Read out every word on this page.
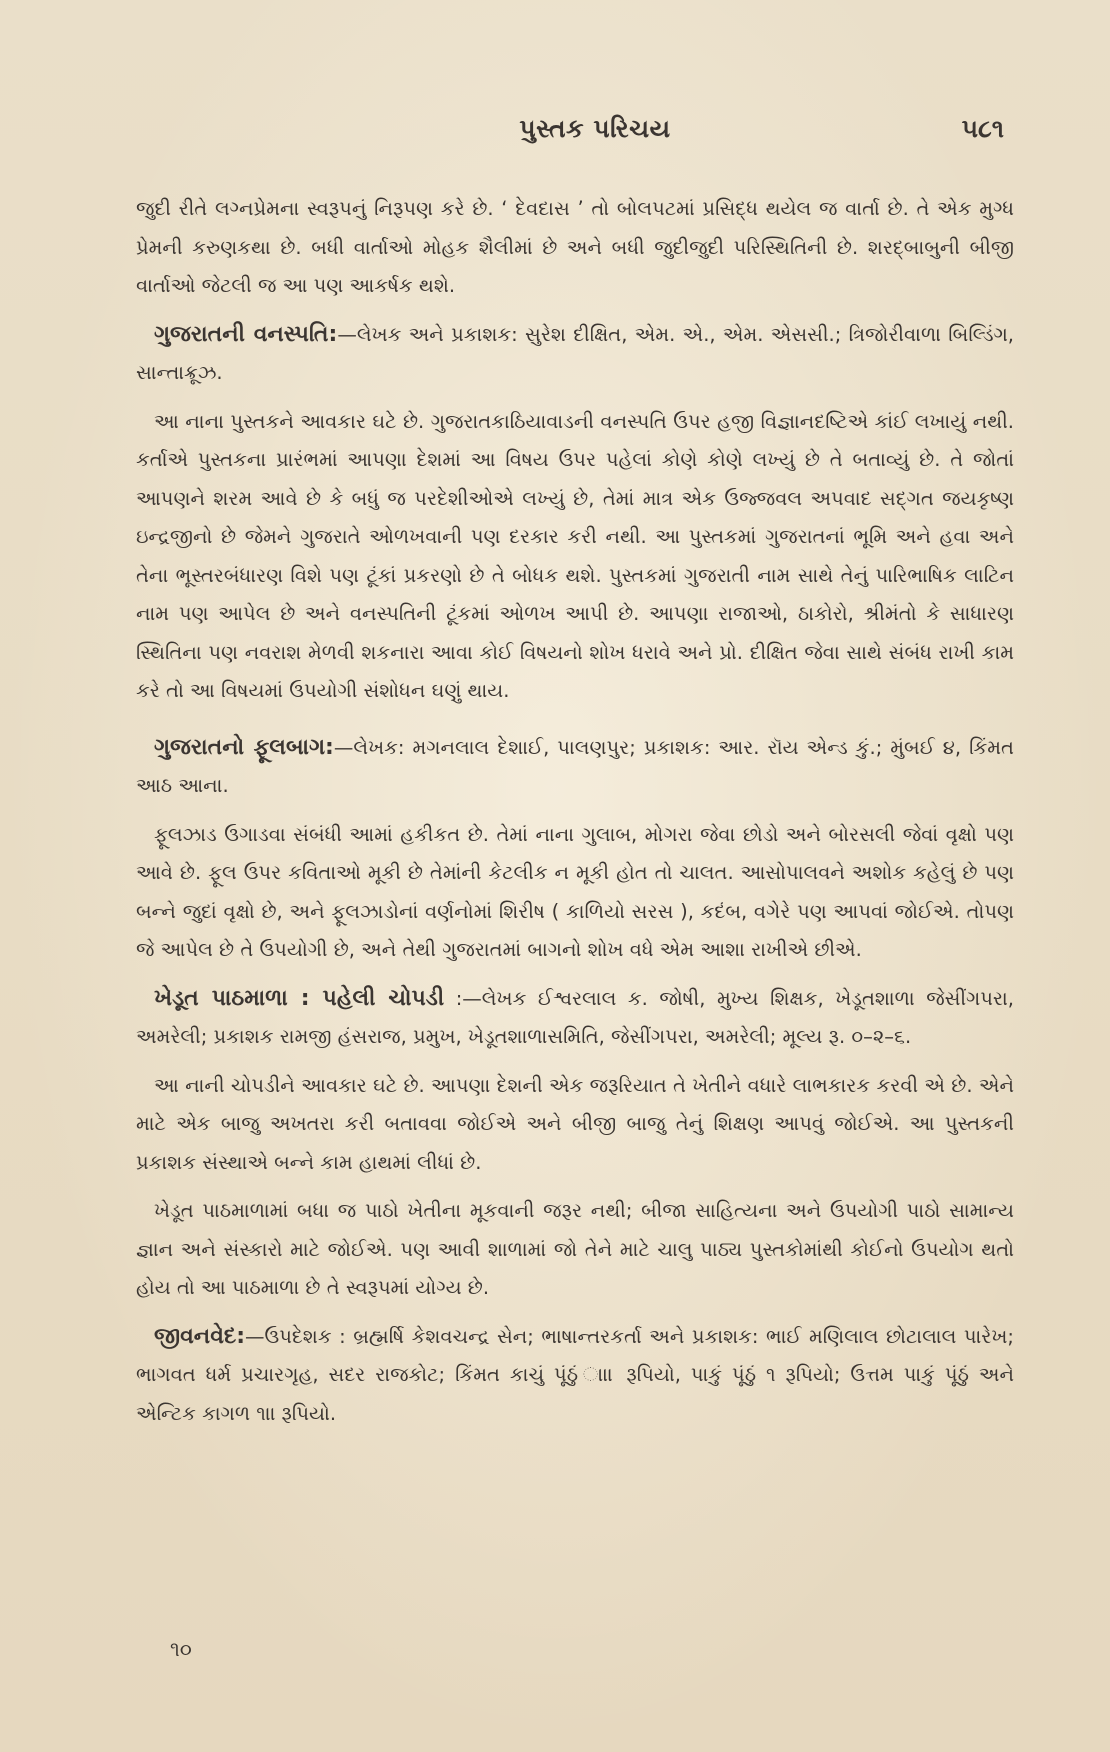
પુસ્તક પરિચય	૫૮૧

જુદી રીતે લગ્નપ્રેમના સ્વરૂપનું નિરૂપણ કરે છે. ‘ દેવદાસ ’ તો બોલપટમાં પ્રસિદ્ધ થયેલ જ વાર્તા છે. તે એક મુગ્ધ પ્રેમની કરુણકથા છે. બધી વાર્તાઓ મોહક શૈલીમાં છે અને બધી જુદીજુદી પરિસ્થિતિની છે. શરદ્બાબુની બીજી વાર્તાઓ જેટલી જ આ પણ આકર્ષક થશે.

ગુજરાતની વનસ્પતિ:—લેખક અને પ્રકાશક: સુરેશ દીક્ષિત, એમ. એ., એમ. એસસી.; ત્રિજોરીવાળા બિલ્ડિંગ, સાન્તાક્રૂઝ.

આ નાના પુસ્તકને આવકાર ઘટે છે. ગુજરાતકાઠિયાવાડની વનસ્પતિ ઉપર હજી વિજ્ઞાનદષ્ટિએ કાંઈ લખાયું નથી. કર્તાએ પુસ્તકના પ્રારંભમાં આપણા દેશમાં આ વિષય ઉપર પહેલાં કોણે કોણે લખ્યું છે તે બતાવ્યું છે. તે જોતાં આપણને શરમ આવે છે કે બધું જ પરદેશીઓએ લખ્યું છે, તેમાં માત્ર એક ઉજ્જવલ અપવાદ સદ્ગત જયકૃષ્ણ ઇન્દ્રજીનો છે જેમને ગુજરાતે ઓળખવાની પણ દરકાર કરી નથી. આ પુસ્તકમાં ગુજરાતનાં ભૂમિ અને હવા અને તેના ભૂસ્તરબંધારણ વિશે પણ ટૂંકાં પ્રકરણો છે તે બોધક થશે. પુસ્તકમાં ગુજરાતી નામ સાથે તેનું પારિભાષિક લાટિન નામ પણ આપેલ છે અને વનસ્પતિની ટૂંકમાં ઓળખ આપી છે. આપણા રાજાઓ, ઠાકોરો, શ્રીમંતો કે સાધારણ સ્થિતિના પણ નવરાશ મેળવી શકનારા આવા કોઈ વિષયનો શોખ ધરાવે અને પ્રો. દીક્ષિત જેવા સાથે સંબંધ રાખી કામ કરે તો આ વિષયમાં ઉપયોગી સંશોધન ઘણું થાય.

ગુજરાતનો ફૂલબાગ:—લેખક: મગનલાલ દેશાઈ, પાલણપુર; પ્રકાશક: આર. રૉય એન્ડ કું.; મુંબઈ ૪, કિંમત આઠ આના.

ફૂલઝાડ ઉગાડવા સંબંધી આમાં હકીકત છે. તેમાં નાના ગુલાબ, મોગરા જેવા છોડો અને બોરસલી જેવાં વૃક્ષો પણ આવે છે. ફૂલ ઉપર કવિતાઓ મૂકી છે તેમાંની કેટલીક ન મૂકી હોત તો ચાલત. આસોપાલવને અશોક કહેલું છે પણ બન્ને જુદાં વૃક્ષો છે, અને ફૂલઝાડોનાં વર્ણનોમાં શિરીષ ( કાળિયો સરસ ), કદંબ, વગેરે પણ આપવાં જોઈએ. તોપણ જે આપેલ છે તે ઉપયોગી છે, અને તેથી ગુજરાતમાં બાગનો શોખ વધે એમ આશા રાખીએ છીએ.

ખેડૂત પાઠમાળા : પહેલી ચોપડી :—લેખક ઈશ્વરલાલ ક. જોષી, મુખ્ય શિક્ષક, ખેડૂતશાળા જેસીંગપરા, અમરેલી; પ્રકાશક રામજી હંસરાજ, પ્રમુખ, ખેડૂતશાળાસમિતિ, જેસીંગપરા, અમરેલી; મૂલ્ય રૂ. ૦–૨–૬.

આ નાની ચોપડીને આવકાર ઘટે છે. આપણા દેશની એક જરૂરિયાત તે ખેતીને વધારે લાભકારક કરવી એ છે. એને માટે એક બાજુ અખતરા કરી બતાવવા જોઈએ અને બીજી બાજુ તેનું શિક્ષણ આપવું જોઈએ. આ પુસ્તકની પ્રકાશક સંસ્થાએ બન્ને કામ હાથમાં લીધાં છે.

ખેડૂત પાઠમાળામાં બધા જ પાઠો ખેતીના મૂકવાની જરૂર નથી; બીજા સાહિત્યના અને ઉપયોગી પાઠો સામાન્ય જ્ઞાન અને સંસ્કારો માટે જોઈએ. પણ આવી શાળામાં જો તેને માટે ચાલુ પાઠ્ય પુસ્તકોમાંથી કોઈનો ઉપયોગ થતો હોય તો આ પાઠમાળા છે તે સ્વરૂપમાં યોગ્ય છે.

જીવનવેદ:—ઉપદેશક : બ્રહ્મર્ષિ કેશવચન્દ્ર સેન; ભાષાન્તરકર્તા અને પ્રકાશક: ભાઈ મણિલાલ છોટાલાલ પારેખ; ભાગવત ધર્મ પ્રચારગૃહ, સદર રાજકોટ; કિંમત કાચું પૂંઠું ાાા રૂપિયો, પાકું પૂંઠું ૧ રૂપિયો; ઉત્તમ પાકું પૂંઠું અને એન્ટિક કાગળ ૧ાા રૂપિયો.

૧૦
